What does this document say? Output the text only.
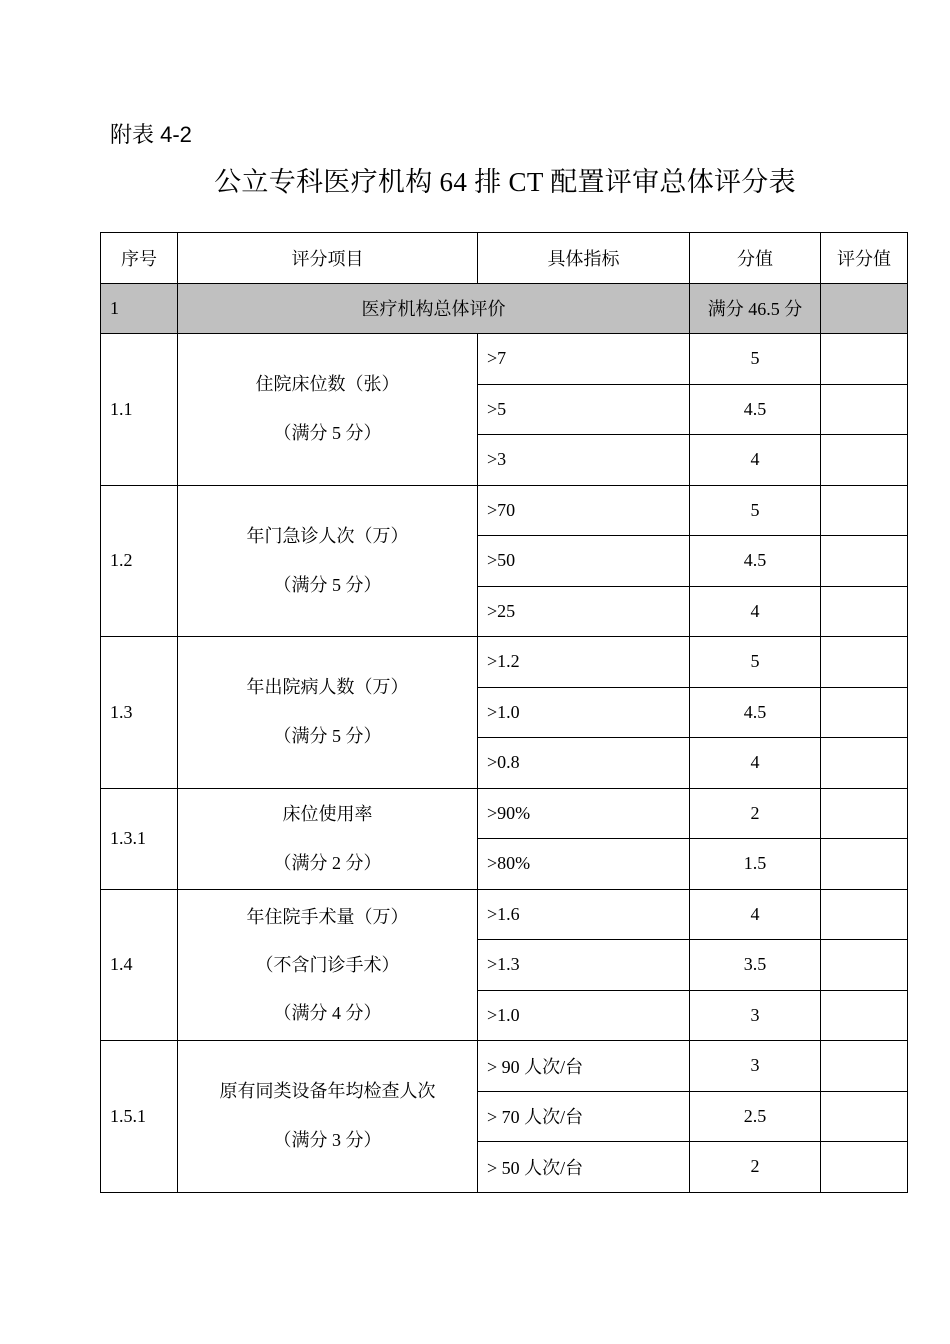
附表 4-2
公立专科医疗机构 64 排 CT 配置评审总体评分表
序号	评分项目	具体指标	分值	评分值
1	医疗机构总体评价		满分 46.5 分	
1.1	住院床位数（张）
（满分 5 分）	>7	5	
		>5	4.5	
		>3	4	
1.2	年门急诊人次（万）
（满分 5 分）	>70	5	
		>50	4.5	
		>25	4	
1.3	年出院病人数（万）
（满分 5 分）	>1.2	5	
		>1.0	4.5	
		>0.8	4	
1.3.1	床位使用率
（满分 2 分）	>90%	2	
		>80%	1.5	
1.4	年住院手术量（万）
（不含门诊手术）
（满分 4 分）	>1.6	4	
		>1.3	3.5	
		>1.0	3	
1.5.1	原有同类设备年均检查人次
（满分 3 分）	> 90 人次/台	3	
		> 70 人次/台	2.5	
		> 50 人次/台	2	
